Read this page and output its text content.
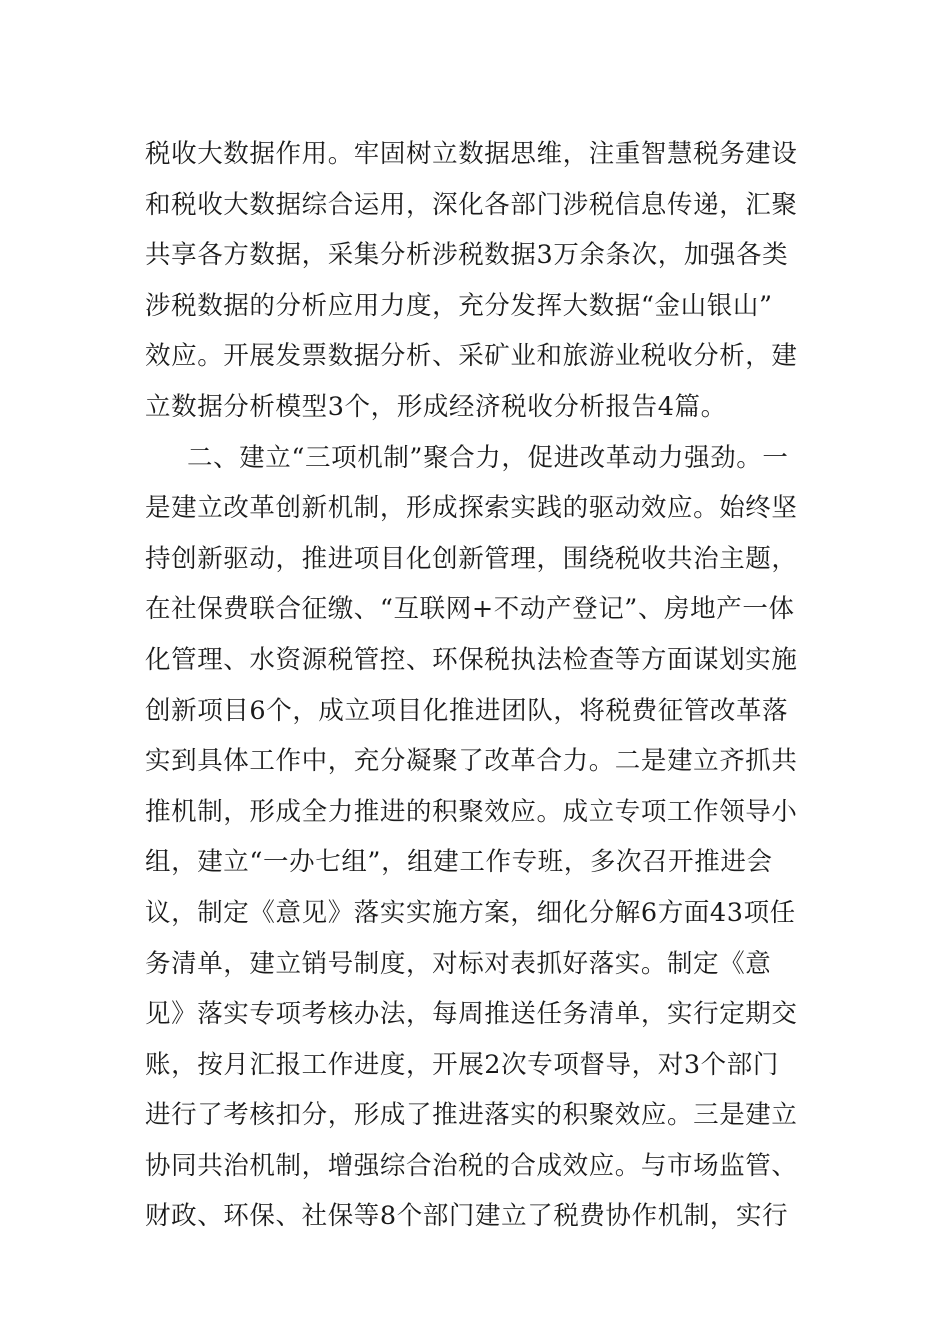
税收大数据作用。牢固树立数据思维，注重智慧税务建设
和税收大数据综合运用，深化各部门涉税信息传递，汇聚
共享各方数据，采集分析涉税数据3万余条次，加强各类
涉税数据的分析应用力度，充分发挥大数据“金山银山”
效应。开展发票数据分析、采矿业和旅游业税收分析，建
立数据分析模型3个，形成经济税收分析报告4篇。
二、建立“三项机制”聚合力，促进改革动力强劲。一
是建立改革创新机制，形成探索实践的驱动效应。始终坚
持创新驱动，推进项目化创新管理，围绕税收共治主题，
在社保费联合征缴、“互联网+不动产登记”、房地产一体
化管理、水资源税管控、环保税执法检查等方面谋划实施
创新项目6个，成立项目化推进团队，将税费征管改革落
实到具体工作中，充分凝聚了改革合力。二是建立齐抓共
推机制，形成全力推进的积聚效应。成立专项工作领导小
组，建立“一办七组”，组建工作专班，多次召开推进会
议，制定《意见》落实实施方案，细化分解6方面43项任
务清单，建立销号制度，对标对表抓好落实。制定《意
见》落实专项考核办法，每周推送任务清单，实行定期交
账，按月汇报工作进度，开展2次专项督导，对3个部门
进行了考核扣分，形成了推进落实的积聚效应。三是建立
协同共治机制，增强综合治税的合成效应。与市场监管、
财政、环保、社保等8个部门建立了税费协作机制，实行
